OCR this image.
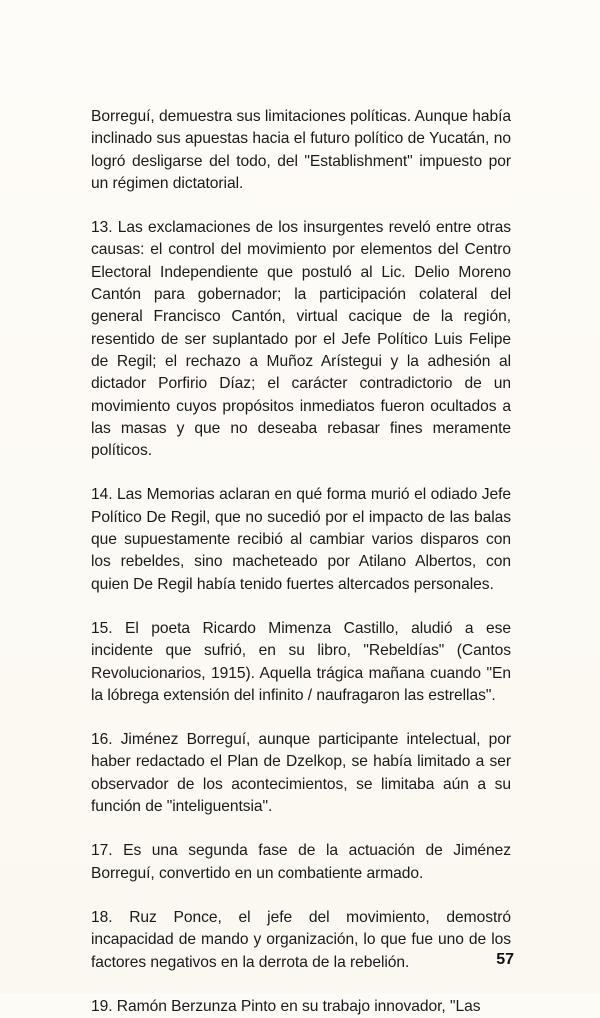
Borreguí, demuestra sus limitaciones políticas. Aunque había inclinado sus apuestas hacia el futuro político de Yucatán, no logró desligarse del todo, del "Establishment" impuesto por un régimen dictatorial.

13. Las exclamaciones de los insurgentes reveló entre otras causas: el control del movimiento por elementos del Centro Electoral Independiente que postuló al Lic. Delio Moreno Cantón para gobernador; la participación colateral del general Francisco Cantón, virtual cacique de la región, resentido de ser suplantado por el Jefe Político Luis Felipe de Regil; el rechazo a Muñoz Arístegui y la adhesión al dictador Porfirio Díaz; el carácter contradictorio de un movimiento cuyos propósitos inmediatos fueron ocultados a las masas y que no deseaba rebasar fines meramente políticos.

14. Las Memorias aclaran en qué forma murió el odiado Jefe Político De Regil, que no sucedió por el impacto de las balas que supuestamente recibió al cambiar varios disparos con los rebeldes, sino macheteado por Atilano Albertos, con quien De Regil había tenido fuertes altercados personales.

15. El poeta Ricardo Mimenza Castillo, aludió a ese incidente que sufrió, en su libro, "Rebeldías" (Cantos Revolucionarios, 1915). Aquella trágica mañana cuando "En la lóbrega extensión del infinito / naufragaron las estrellas".

16. Jiménez Borreguí, aunque participante intelectual, por haber redactado el Plan de Dzelkop, se había limitado a ser observador de los acontecimientos, se limitaba aún a su función de "inteliguentsia".

17. Es una segunda fase de la actuación de Jiménez Borreguí, convertido en un combatiente armado.

18. Ruz Ponce, el jefe del movimiento, demostró incapacidad de mando y organización, lo que fue uno de los factores negativos en la derrota de la rebelión.

19. Ramón Berzunza Pinto en su trabajo innovador, "Las

57
